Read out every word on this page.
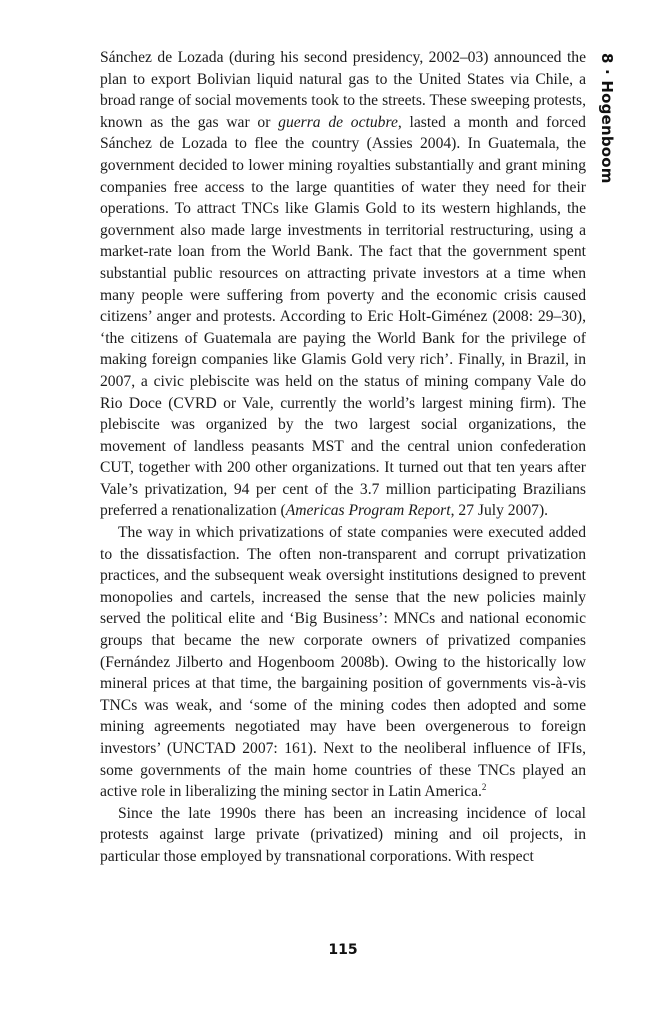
8 · Hogenboom

Sánchez de Lozada (during his second presidency, 2002–03) announced the plan to export Bolivian liquid natural gas to the United States via Chile, a broad range of social movements took to the streets. These sweeping protests, known as the gas war or guerra de octubre, lasted a month and forced Sánchez de Lozada to flee the country (Assies 2004). In Guatemala, the government decided to lower mining royalties substantially and grant mining companies free access to the large quantities of water they need for their operations. To attract TNCs like Glamis Gold to its western highlands, the government also made large investments in territorial restructuring, using a market-rate loan from the World Bank. The fact that the government spent substantial public resources on attracting private investors at a time when many people were suffering from poverty and the economic crisis caused citizens’ anger and protests. According to Eric Holt-Giménez (2008: 29–30), ‘the citizens of Guatemala are paying the World Bank for the privilege of making foreign companies like Glamis Gold very rich’. Finally, in Brazil, in 2007, a civic plebiscite was held on the status of mining company Vale do Rio Doce (CVRD or Vale, currently the world’s largest mining firm). The plebiscite was organized by the two largest social organizations, the movement of landless peasants MST and the central union confederation CUT, together with 200 other organizations. It turned out that ten years after Vale’s privatization, 94 per cent of the 3.7 million participating Brazilians preferred a renationalization (Americas Program Report, 27 July 2007).

The way in which privatizations of state companies were executed added to the dissatisfaction. The often non-transparent and corrupt privatization practices, and the subsequent weak oversight institutions designed to prevent monopolies and cartels, increased the sense that the new policies mainly served the political elite and ‘Big Business’: MNCs and national economic groups that became the new corporate owners of privatized companies (Fernández Jilberto and Hogenboom 2008b). Owing to the historically low mineral prices at that time, the bargaining position of governments vis-à-vis TNCs was weak, and ‘some of the mining codes then adopted and some mining agreements negotiated may have been overgenerous to foreign investors’ (UNCTAD 2007: 161). Next to the neoliberal influence of IFIs, some governments of the main home countries of these TNCs played an active role in liberalizing the mining sector in Latin America.$^2$

Since the late 1990s there has been an increasing incidence of local protests against large private (privatized) mining and oil projects, in particular those employed by transnational corporations. With respect

115
